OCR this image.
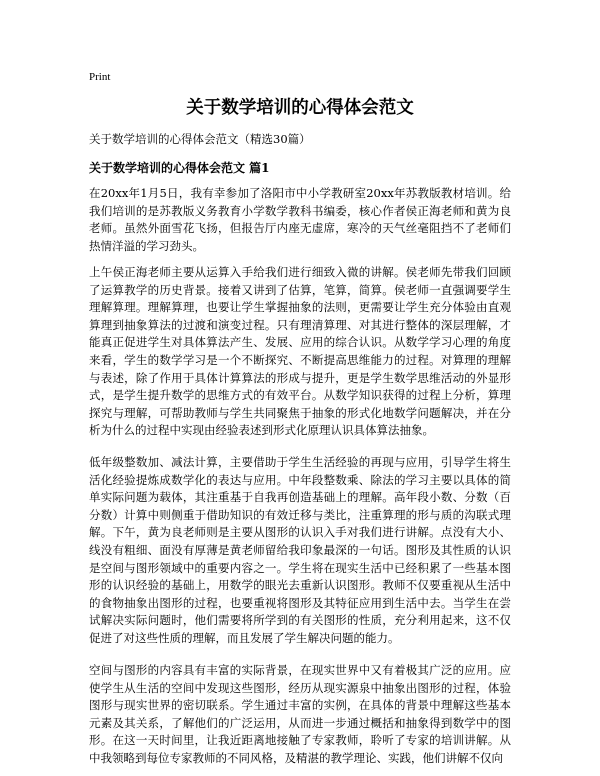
Print
关于数学培训的心得体会范文
关于数学培训的心得体会范文（精选30篇）
关于数学培训的心得体会范文 篇1

在20xx年1月5日，我有幸参加了洛阳市中小学教研室20xx年苏教版教材培训。给我们培训的是苏教版义务教育小学数学教科书编委，核心作者侯正海老师和黄为良老师。虽然外面雪花飞扬，但报告厅内座无虚席，寒冷的天气丝毫阻挡不了老师们热情洋溢的学习劲头。

上午侯正海老师主要从运算入手给我们进行细致入微的讲解。侯老师先带我们回顾了运算教学的历史背景。接着又讲到了估算，笔算，简算。侯老师一直强调要学生理解算理。理解算理，也要让学生掌握抽象的法则，更需要让学生充分体验由直观算理到抽象算法的过渡和演变过程。只有理清算理、对其进行整体的深层理解，才能真正促进学生对具体算法产生、发展、应用的综合认识。从数学学习心理的角度来看，学生的数学学习是一个不断探究、不断提高思维能力的过程。对算理的理解与表述，除了作用于具体计算算法的形成与提升，更是学生数学思维活动的外显形式，是学生提升数学的思维方式的有效平台。从数学知识获得的过程上分析，算理探究与理解，可帮助教师与学生共同聚焦于抽象的形式化地数学问题解决，并在分析为什么的过程中实现由经验表述到形式化原理认识具体算法抽象。

低年级整数加、减法计算，主要借助于学生生活经验的再现与应用，引导学生将生活化经验提炼成数学化的表达与应用。中年段整数乘、除法的学习主要以具体的简单实际问题为载体，其注重基于自我再创造基础上的理解。高年段小数、分数（百分数）计算中则侧重于借助知识的有效迁移与类比，注重算理的形与质的沟联式理解。下午，黄为良老师则是主要从图形的认识入手对我们进行讲解。点没有大小、线没有粗细、面没有厚薄是黄老师留给我印象最深的一句话。图形及其性质的认识是空间与图形领域中的重要内容之一。学生将在现实生活中已经积累了一些基本图形的认识经验的基础上，用数学的眼光去重新认识图形。教师不仅要重视从生活中的食物抽象出图形的过程，也要重视将图形及其特征应用到生活中去。当学生在尝试解决实际问题时，他们需要将所学到的有关图形的性质，充分利用起来，这不仅促进了对这些性质的理解，而且发展了学生解决问题的能力。

空间与图形的内容具有丰富的实际背景，在现实世界中又有着极其广泛的应用。应使学生从生活的空间中发现这些图形，经历从现实源泉中抽象出图形的过程，体验图形与现实世界的密切联系。学生通过丰富的实例，在具体的背景中理解这些基本元素及其关系，了解他们的广泛运用，从而进一步通过概括和抽象得到数学中的图形。在这一天时间里，让我近距离地接触了专家教师，聆听了专家的培训讲解。从中我领略到每位专家教师的不同风格，及精湛的教学理论、实践，他们讲解不仅向
